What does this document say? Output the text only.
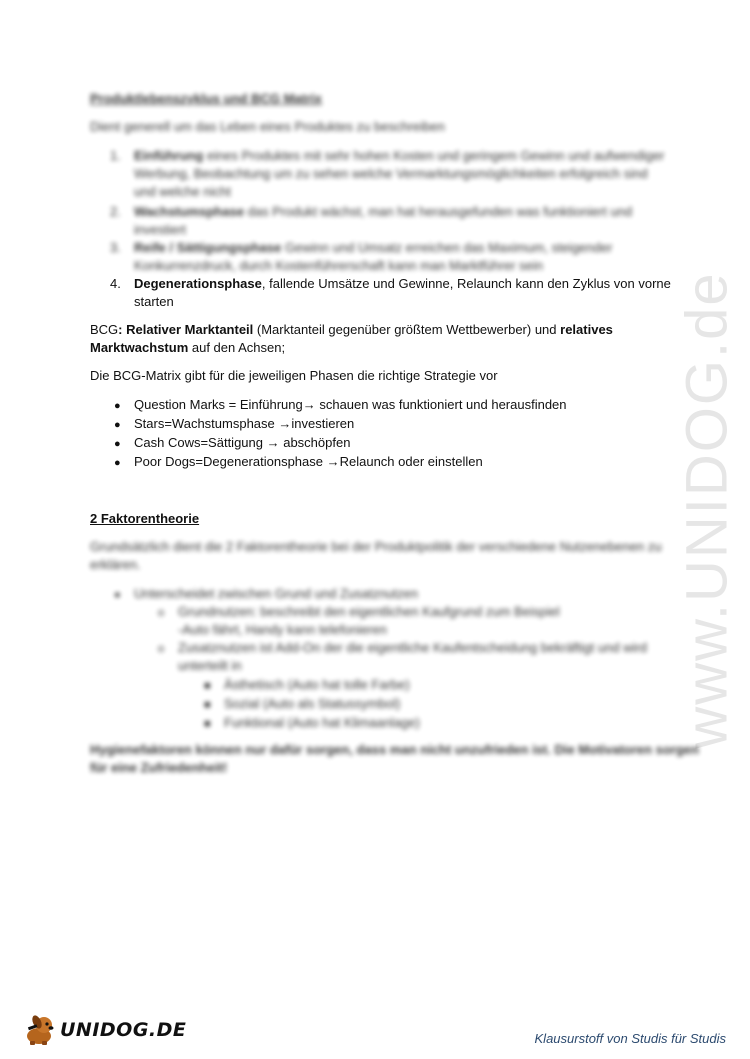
www.UNIDOG.de
Produktlebenszyklus und BCG Matrix
Dient generell um das Leben eines Produktes zu beschreiben
1. Einführung eines Produktes mit sehr hohen Kosten und geringem Gewinn und aufwendiger
Werbung, Beobachtung um zu sehen welche Vermarktungsmöglichkeiten erfolgreich sind
und welche nicht
2. Wachstumsphase das Produkt wächst, man hat herausgefunden was funktioniert und
investiert
3. Reife / Sättigungsphase Gewinn und Umsatz erreichen das Maximum, steigender
Konkurrenzdruck, durch Kostenführerschaft kann man Marktführer sein
4. Degenerationsphase, fallende Umsätze und Gewinne, Relaunch kann den Zyklus von vorne
starten
BCG: Relativer Marktanteil (Marktanteil gegenüber größtem Wettbewerber) und relatives
Marktwachstum auf den Achsen;
Die BCG-Matrix gibt für die jeweiligen Phasen die richtige Strategie vor
● Question Marks = Einführung→ schauen was funktioniert und herausfinden
● Stars=Wachstumsphase →investieren
● Cash Cows=Sättigung → abschöpfen
● Poor Dogs=Degenerationsphase →Relaunch oder einstellen
2 Faktorentheorie
Grundsätzlich dient die 2 Faktorentheorie bei der Produktpolitik der verschiedene Nutzenebenen zu
erklären.
● Unterscheidet zwischen Grund und Zusatznutzen
o Grundnutzen: beschreibt den eigentlichen Kaufgrund zum Beispiel
-Auto fährt, Handy kann telefonieren
o Zusatznutzen ist Add-On der die eigentliche Kaufentscheidung bekräftigt und wird
unterteilt in
■ Ästhetisch (Auto hat tolle Farbe)
■ Sozial (Auto als Statussymbol)
■ Funktional (Auto hat Klimaanlage)
Hygienefaktoren können nur dafür sorgen, dass man nicht unzufrieden ist. Die Motivatoren sorgen
für eine Zufriedenheit!
UNIDOG.DE	Klausurstoff von Studis für Studis
